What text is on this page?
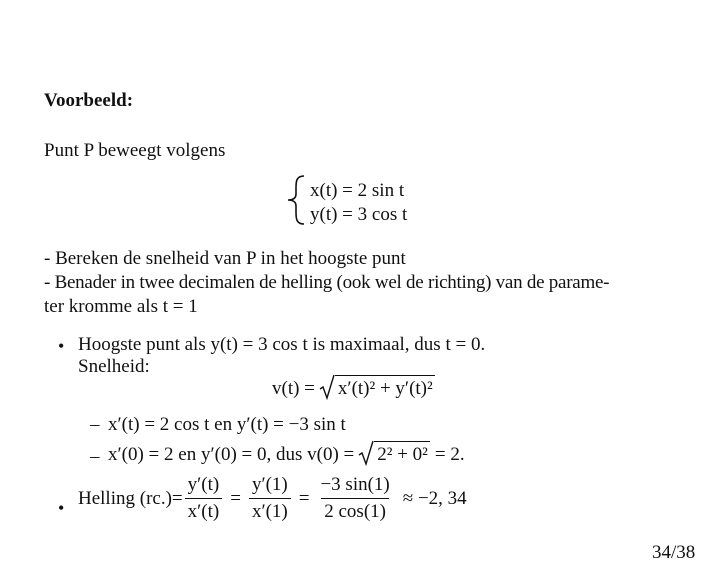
Voorbeeld:
Punt P beweegt volgens
x(t) = 2 sin t
y(t) = 3 cos t
- Bereken de snelheid van P in het hoogste punt
- Benader in twee decimalen de helling (ook wel de richting) van de parame-
ter kromme als t = 1
• Hoogste punt als y(t) = 3 cos t is maximaal, dus t = 0.
Snelheid:
v(t) = x′(t)² + y′(t)²
– x′(t) = 2 cos t en y′(t) = −3 sin t
– x′(0) = 2 en y′(0) = 0, dus v(0) = 2² + 0² = 2.
• Helling $(rc.)= \frac{y'(t)}{x'(t)} = \frac{y'(1)}{x'(1)} = \frac{-3 \sin(1)}{2 \cos(1)} \approx -2$, 34
34/38
